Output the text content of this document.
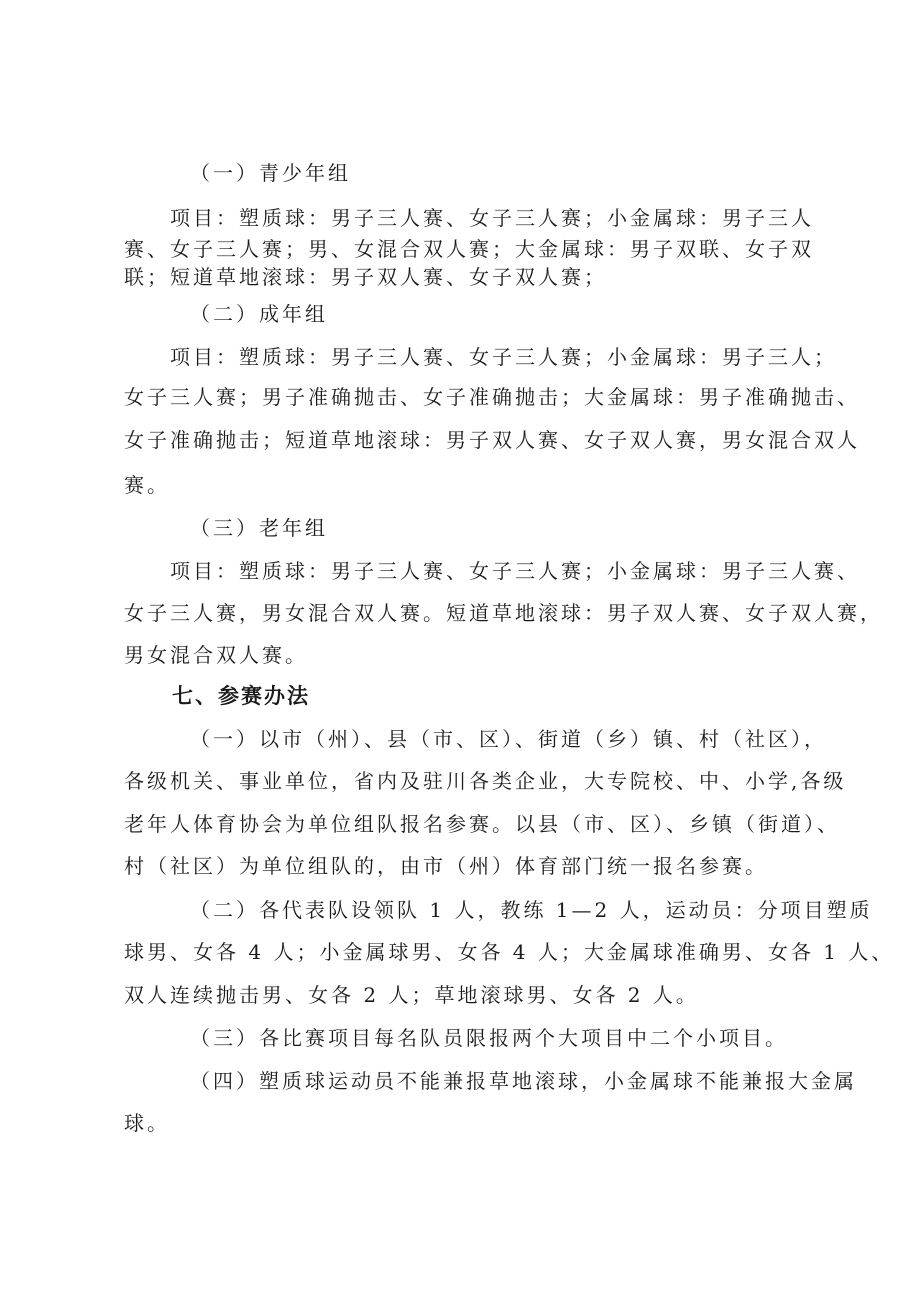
（一）青少年组
项目：塑质球：男子三人赛、女子三人赛；小金属球：男子三人
赛、女子三人赛；男、女混合双人赛；大金属球：男子双联、女子双
联；短道草地滚球：男子双人赛、女子双人赛；
（二）成年组
项目：塑质球：男子三人赛、女子三人赛；小金属球：男子三人；
女子三人赛；男子准确抛击、女子准确抛击；大金属球：男子准确抛击、
女子准确抛击；短道草地滚球：男子双人赛、女子双人赛，男女混合双人
赛。
（三）老年组
项目：塑质球：男子三人赛、女子三人赛；小金属球：男子三人赛、
女子三人赛，男女混合双人赛。短道草地滚球：男子双人赛、女子双人赛，
男女混合双人赛。
七、参赛办法
（一）以市（州）、县（市、区）、街道（乡）镇、村（社区），
各级机关、事业单位，省内及驻川各类企业，大专院校、中、小学,各级
老年人体育协会为单位组队报名参赛。以县（市、区）、乡镇（街道）、
村（社区）为单位组队的，由市（州）体育部门统一报名参赛。
（二）各代表队设领队 1 人，教练 1—2 人，运动员：分项目塑质
球男、女各 4 人；小金属球男、女各 4 人；大金属球准确男、女各 1 人、
双人连续抛击男、女各 2 人；草地滚球男、女各 2 人。
（三）各比赛项目每名队员限报两个大项目中二个小项目。
（四）塑质球运动员不能兼报草地滚球，小金属球不能兼报大金属
球。
